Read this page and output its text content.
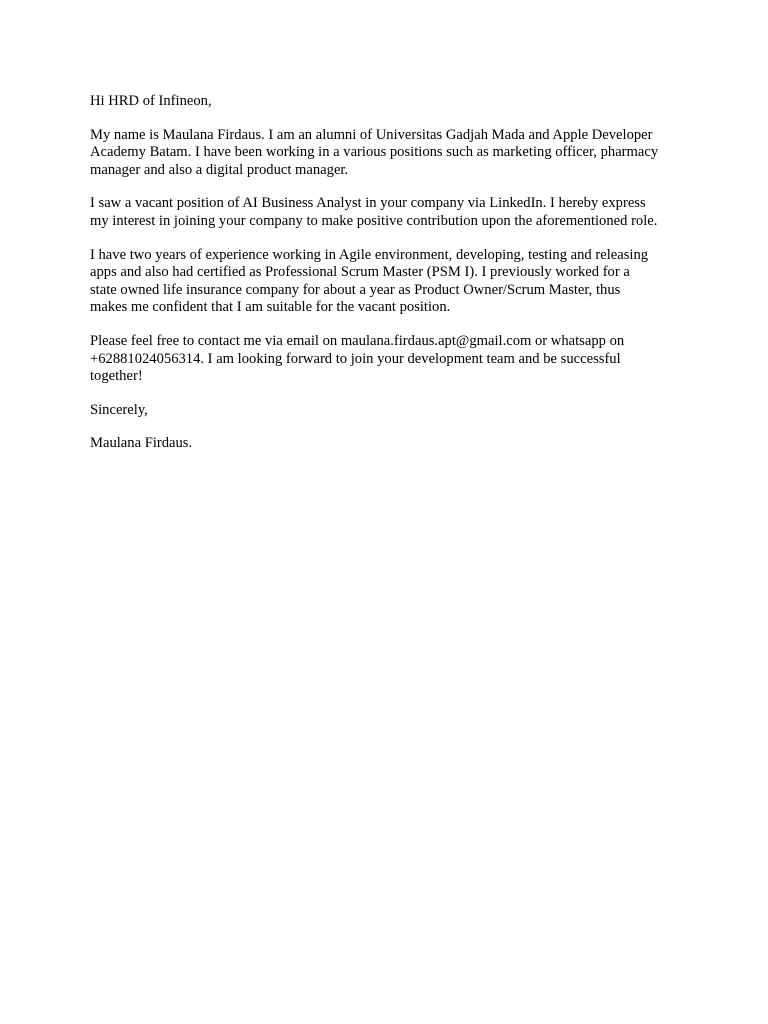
Hi HRD of Infineon,

My name is Maulana Firdaus. I am an alumni of Universitas Gadjah Mada and Apple Developer
Academy Batam. I have been working in a various positions such as marketing officer, pharmacy
manager and also a digital product manager.

I saw a vacant position of AI Business Analyst in your company via LinkedIn. I hereby express
my interest in joining your company to make positive contribution upon the aforementioned role.

I have two years of experience working in Agile environment, developing, testing and releasing
apps and also had certified as Professional Scrum Master (PSM I). I previously worked for a
state owned life insurance company for about a year as Product Owner/Scrum Master, thus
makes me confident that I am suitable for the vacant position.

Please feel free to contact me via email on maulana.firdaus.apt@gmail.com or whatsapp on
+62881024056314. I am looking forward to join your development team and be successful
together!

Sincerely,

Maulana Firdaus.
